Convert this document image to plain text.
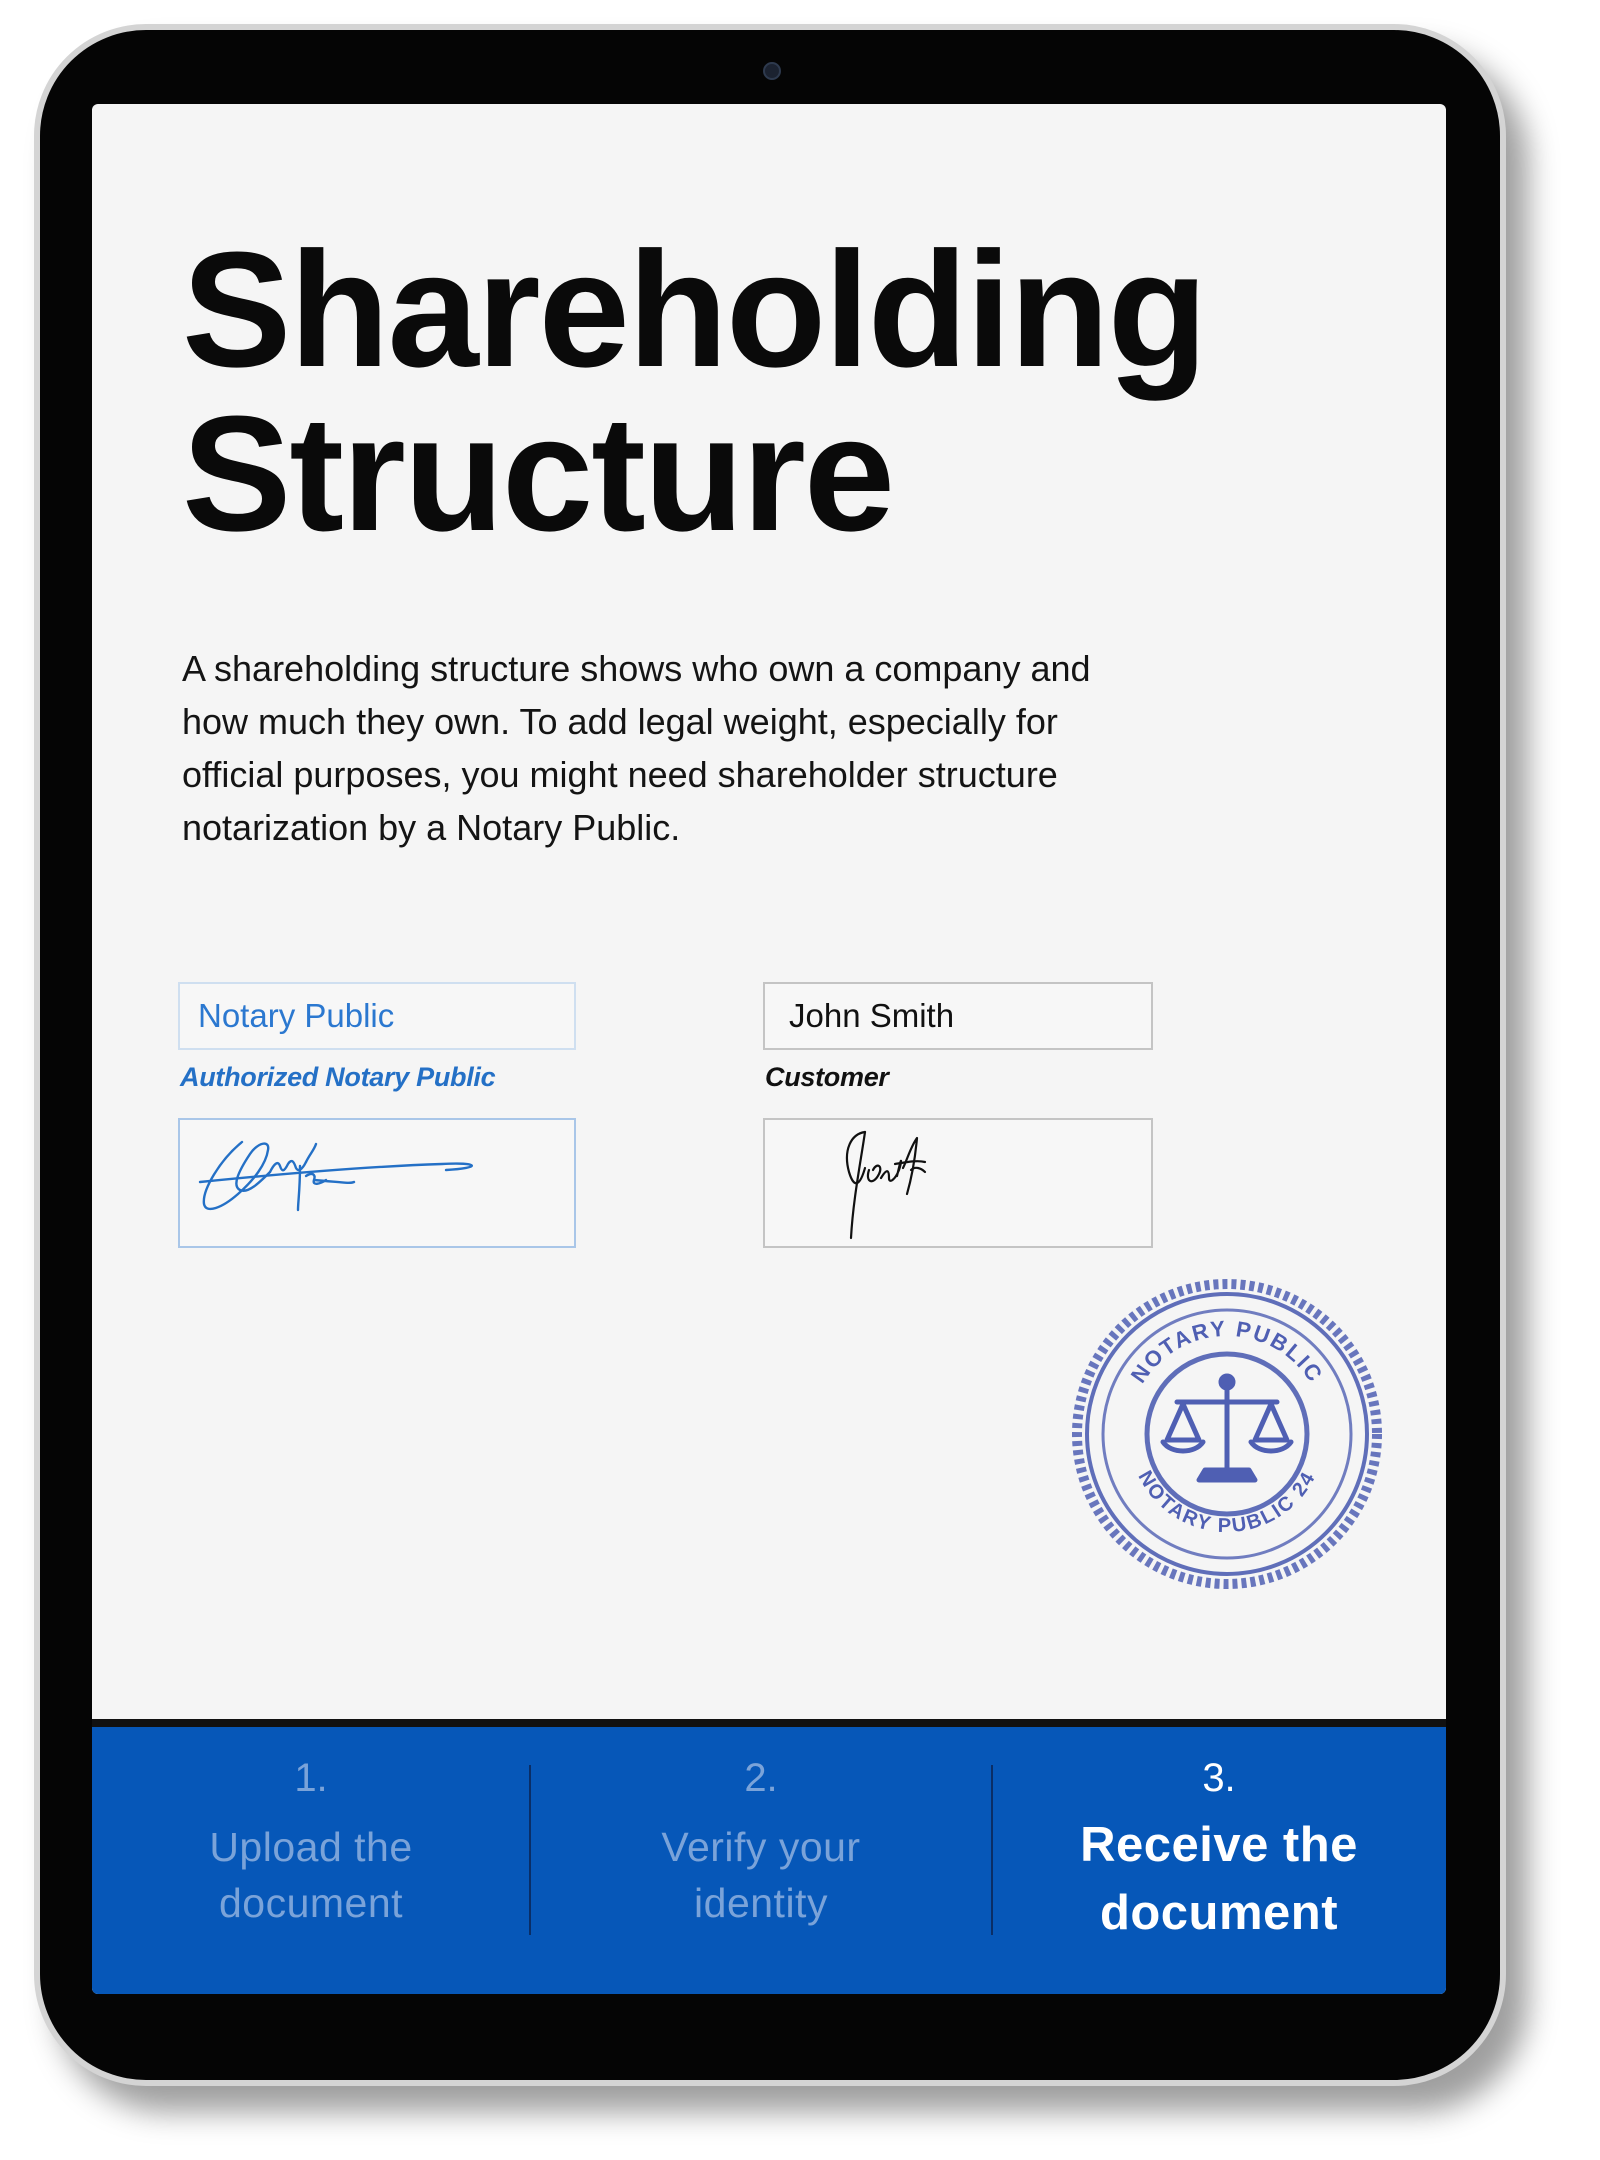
Shareholding
Structure

A shareholding structure shows who own a company and how much they own. To add legal weight, especially for official purposes, you might need shareholder structure notarization by a Notary Public.

Notary Public
Authorized Notary Public
John Smith
Customer
NOTARY PUBLIC
NOTARY PUBLIC 24
1.
Upload the document
2.
Verify your identity
3.
Receive the document
